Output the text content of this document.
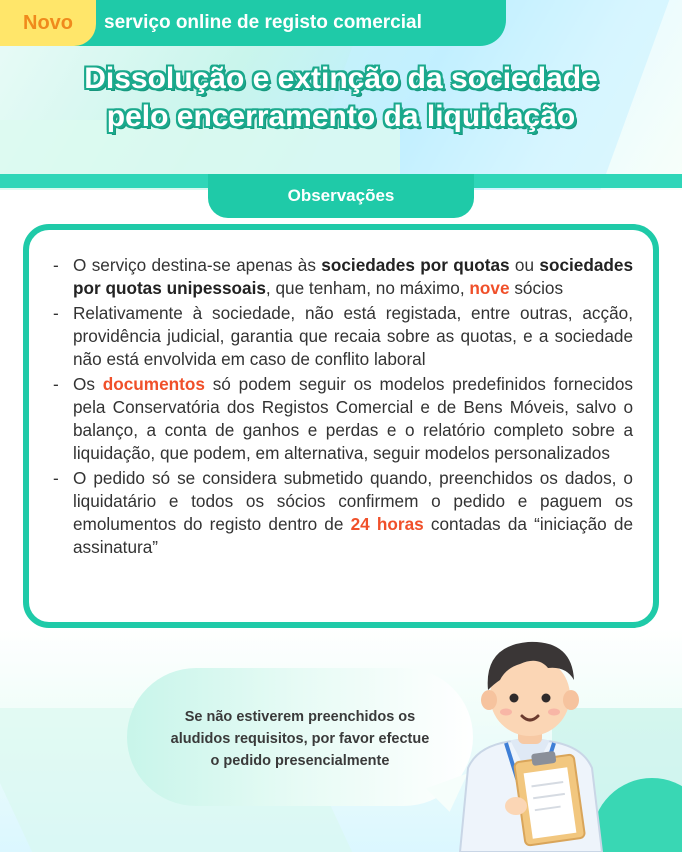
Novo	serviço online de registo comercial
Dissolução e extinção da sociedade
pelo encerramento da liquidação
Observações
- O serviço destina-se apenas às sociedades por quotas ou sociedades por quotas unipessoais, que tenham, no máximo, nove sócios
- Relativamente à sociedade, não está registada, entre outras, acção, providência judicial, garantia que recaia sobre as quotas, e a sociedade não está envolvida em caso de conflito laboral
- Os documentos só podem seguir os modelos predefinidos fornecidos pela Conservatória dos Registos Comercial e de Bens Móveis, salvo o balanço, a conta de ganhos e perdas e o relatório completo sobre a liquidação, que podem, em alternativa, seguir modelos personalizados
- O pedido só se considera submetido quando, preenchidos os dados, o liquidatário e todos os sócios confirmem o pedido e paguem os emolumentos do registo dentro de 24 horas contadas da “iniciação de assinatura”
Se não estiverem preenchidos os
aludidos requisitos, por favor efectue
o pedido presencialmente
